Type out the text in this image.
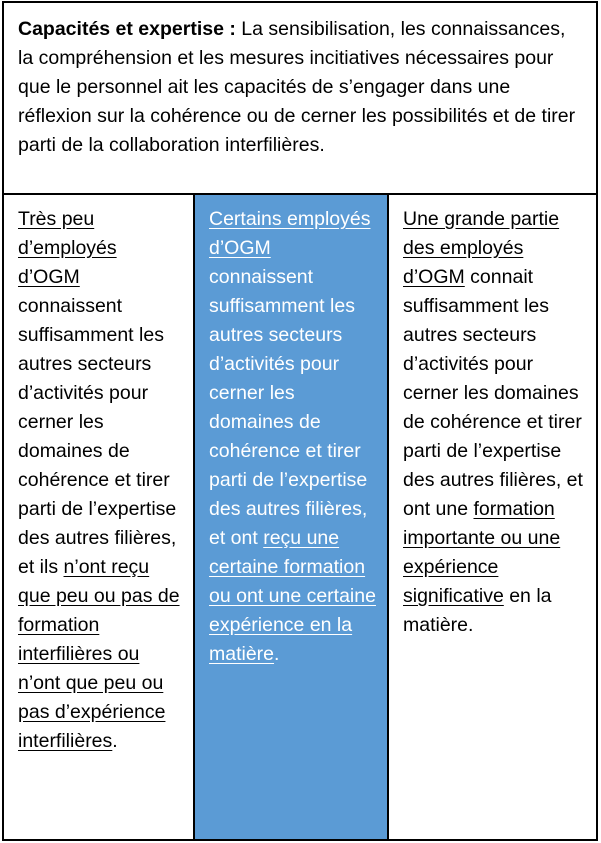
Capacités et expertise : La sensibilisation, les connaissances, la compréhension et les mesures incitiatives nécessaires pour que le personnel ait les capacités de s’engager dans une réflexion sur la cohérence ou de cerner les possibilités et de tirer parti de la collaboration interfilières.
Très peu d’employés d’OGM connaissent suffisamment les autres secteurs d’activités pour cerner les domaines de cohérence et tirer parti de l’expertise des autres filières, et ils n’ont reçu que peu ou pas de formation interfilières ou n’ont que peu ou pas d’expérience interfilières.
Certains employés d’OGM connaissent suffisamment les autres secteurs d’activités pour cerner les domaines de cohérence et tirer parti de l’expertise des autres filières, et ont reçu une certaine formation ou ont une certaine expérience en la matière.
Une grande partie des employés d’OGM connait suffisamment les autres secteurs d’activités pour cerner les domaines de cohérence et tirer parti de l’expertise des autres filières, et ont une formation importante ou une expérience significative en la matière.
